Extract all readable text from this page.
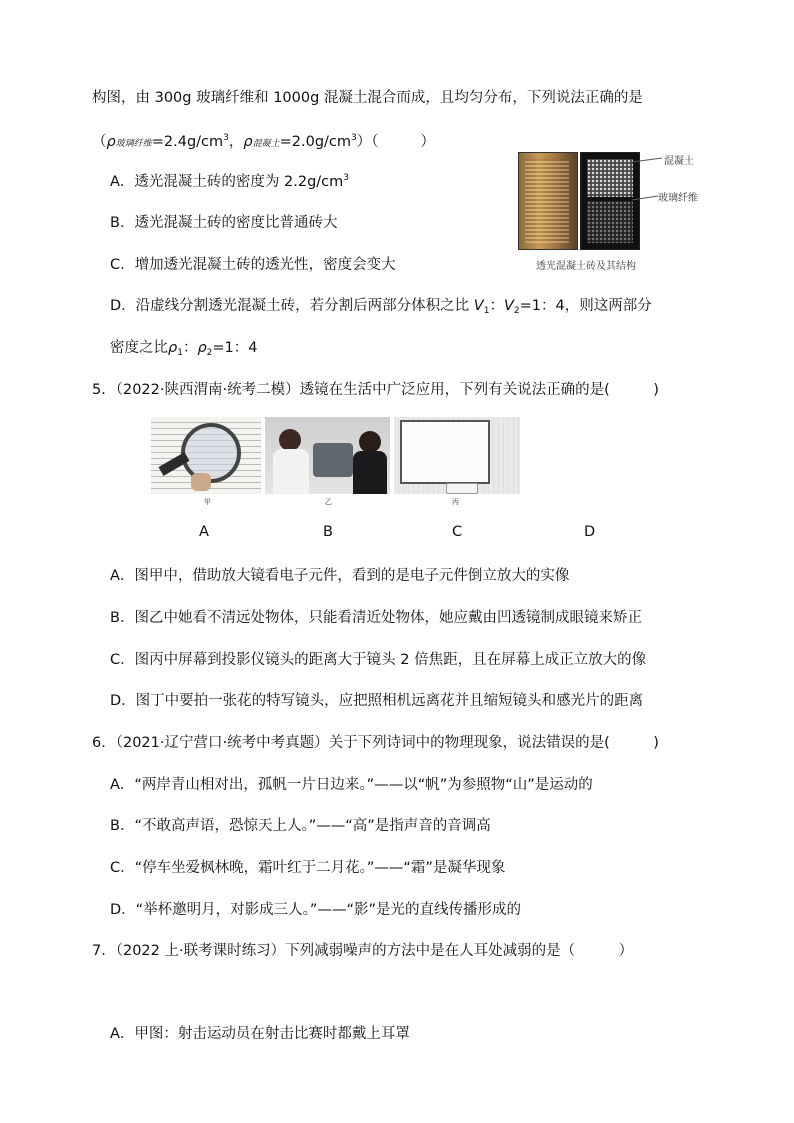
构图，由 300g 玻璃纤维和 1000g 混凝土混合而成，且均匀分布，下列说法正确的是
（ρ玻璃纤维$=2.4g/cm^3$，ρ混凝土$=2.0g/cm^3$）（	）
混凝土
玻璃纤维
透光混凝土砖及其结构
A．透光混凝土砖的密度为 $2.2g/cm^3$
B．透光混凝土砖的密度比普通砖大
C．增加透光混凝土砖的透光性，密度会变大
D．沿虚线分割透光混凝土砖，若分割后两部分体积之比 $V_1$：$V_2=1$：4，则这两部分
密度之比$\rho_1$：$\rho_2=1$：4
5．（2022·陕西渭南·统考二模）透镜在生活中广泛应用，下列有关说法正确的是(　　　)
甲	乙	丙
A	B	C	D
A．图甲中，借助放大镜看电子元件，看到的是电子元件倒立放大的实像
B．图乙中她看不清远处物体，只能看清近处物体，她应戴由凹透镜制成眼镜来矫正
C．图丙中屏幕到投影仪镜头的距离大于镜头 2 倍焦距，且在屏幕上成正立放大的像
D．图丁中要拍一张花的特写镜头，应把照相机远离花并且缩短镜头和感光片的距离
6．（2021·辽宁营口·统考中考真题）关于下列诗词中的物理现象，说法错误的是(　　　)
A．“两岸青山相对出，孤帆一片日边来。”——以“帆”为参照物“山”是运动的
B．“不敢高声语，恐惊天上人。”——“高”是指声音的音调高
C．“停车坐爱枫林晚，霜叶红于二月花。”——“霜”是凝华现象
D．“举杯邀明月，对影成三人。”——“影”是光的直线传播形成的
7．（2022 上·联考课时练习）下列减弱噪声的方法中是在人耳处减弱的是（　　　）
A．甲图：射击运动员在射击比赛时都戴上耳罩
